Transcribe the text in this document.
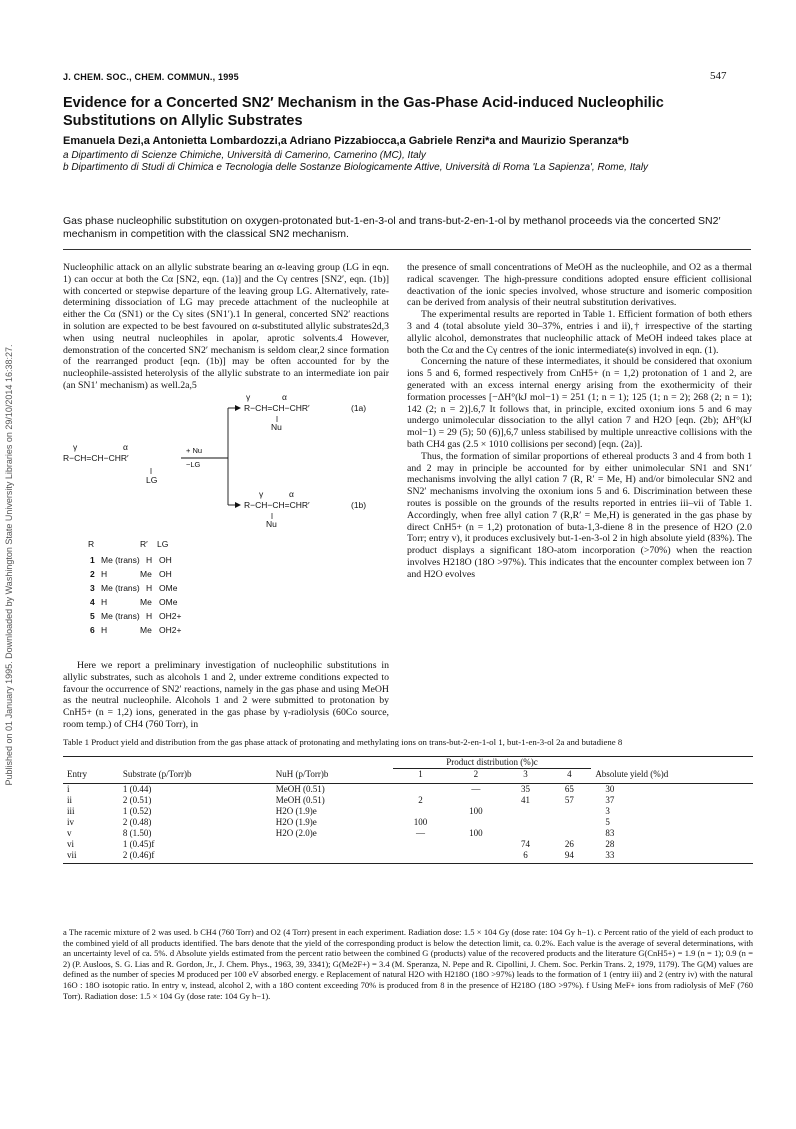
Published on 01 January 1995. Downloaded by Washington State University Libraries on 29/10/2014 16:38:27.
J. CHEM. SOC., CHEM. COMMUN., 1995	547
Evidence for a Concerted SN2′ Mechanism in the Gas-Phase Acid-induced Nucleophilic Substitutions on Allylic Substrates
Emanuela Dezi,a Antonietta Lombardozzi,a Adriano Pizzabiocca,a Gabriele Renzi*a and Maurizio Speranza*b
a Dipartimento di Scienze Chimiche, Università di Camerino, Camerino (MC), Italy
b Dipartimento di Studi di Chimica e Tecnologia delle Sostanze Biologicamente Attive, Università di Roma 'La Sapienza', Rome, Italy
Gas phase nucleophilic substitution on oxygen-protonated but-1-en-3-ol and trans-but-2-en-1-ol by methanol proceeds via the concerted SN2′ mechanism in competition with the classical SN2 mechanism.

Nucleophilic attack on an allylic substrate bearing an α-leaving group (LG in eqn. 1) can occur at both the Cα [SN2, eqn. (1a)] and the Cγ centres [SN2′, eqn. (1b)] with concerted or stepwise departure of the leaving group LG. Alternatively, rate-determining dissociation of LG may precede attachment of the nucleophile at either the Cα (SN1) or the Cγ sites (SN1′).1 In general, concerted SN2′ reactions in solution are expected to be best favoured on α-substituted allylic substrates2d,3 when using neutral nucleophiles in apolar, aprotic solvents.4 However, demonstration of the concerted SN2′ mechanism is seldom clear,2 since formation of the rearranged product [eqn. (1b)] may be often accounted for by the nucleophile-assisted heterolysis of the allylic substrate to an intermediate ion pair (an SN1′ mechanism) as well.2a,5

γ	α
R−CH=CH−CHR′
Nu
(1a)
γ	α
R−CH=CH−CHR′
LG
+ Nu
−LG
γ	α
R−CH−CH=CHR′
Nu
(1b)
R	R′ LG
1 Me (trans) H OH
2 H	Me OH
3 Me (trans) H OMe
4 H	Me OMe
5 Me (trans) H OH2+
6 H	Me OH2+

Here we report a preliminary investigation of nucleophilic substitutions in allylic substrates, such as alcohols 1 and 2, under extreme conditions expected to favour the occurrence of SN2′ reactions, namely in the gas phase and using MeOH as the neutral nucleophile. Alcohols 1 and 2 were submitted to protonation by CnH5+ (n = 1,2) ions, generated in the gas phase by γ-radiolysis (60Co source, room temp.) of CH4 (760 Torr), in

the presence of small concentrations of MeOH as the nucleophile, and O2 as a thermal radical scavenger. The high-pressure conditions adopted ensure efficient collisional deactivation of the ionic species involved, whose structure and isomeric composition can be derived from analysis of their neutral substitution derivatives.

The experimental results are reported in Table 1. Efficient formation of both ethers 3 and 4 (total absolute yield 30–37%, entries i and ii),† irrespective of the starting allylic alcohol, demonstrates that nucleophilic attack of MeOH indeed takes place at both the Cα and the Cγ centres of the ionic intermediate(s) involved in eqn. (1).

Concerning the nature of these intermediates, it should be considered that oxonium ions 5 and 6, formed respectively from CnH5+ (n = 1,2) protonation of 1 and 2, are generated with an excess internal energy arising from the exothermicity of their formation processes [−ΔH°(kJ mol−1) = 251 (1; n = 1); 125 (1; n = 2); 268 (2; n = 1); 142 (2; n = 2)].6,7 It follows that, in principle, excited oxonium ions 5 and 6 may undergo unimolecular dissociation to the allyl cation 7 and H2O [eqn. (2b); ΔH°(kJ mol−1) = 29 (5); 50 (6)],6,7 unless stabilised by multiple unreactive collisions with the bath CH4 gas (2.5 × 1010 collisions per second) [eqn. (2a)].

Thus, the formation of similar proportions of ethereal products 3 and 4 from both 1 and 2 may in principle be accounted for by either unimolecular SN1 and SN1′ mechanisms involving the allyl cation 7 (R, R′ = Me, H) and/or bimolecular SN2 and SN2′ mechanisms involving the oxonium ions 5 and 6. Discrimination between these routes is possible on the grounds of the results reported in entries iii–vii of Table 1. Accordingly, when free allyl cation 7 (R,R′ = Me,H) is generated in the gas phase by direct CnH5+ (n = 1,2) protonation of buta-1,3-diene 8 in the presence of H2O (2.0 Torr; entry v), it produces exclusively but-1-en-3-ol 2 in high absolute yield (83%). The product displays a significant 18O-atom incorporation (>70%) when the reaction involves H218O (18O >97%). This indicates that the encounter complex between ion 7 and H2O evolves

Table 1 Product yield and distribution from the gas phase attack of protonating and methylating ions on trans-but-2-en-1-ol 1, but-1-en-3-ol 2a and butadiene 8
			Product distribution (%)c				
Entry	Substrate (p/Torr)b	NuH (p/Torr)b	1	2	3	4	Absolute yield (%)d
i	1 (0.44)	MeOH (0.51)		—	35	65	30
ii	2 (0.51)	MeOH (0.51)	2		41	57	37
iii	1 (0.52)	H2O (1.9)e		100			3
iv	2 (0.48)	H2O (1.9)e	100				5
v	8 (1.50)	H2O (2.0)e	—	100			83
vi	1 (0.45)f				74	26	28
vii	2 (0.46)f				6	94	33
a The racemic mixture of 2 was used. b CH4 (760 Torr) and O2 (4 Torr) present in each experiment. Radiation dose: 1.5 × 104 Gy (dose rate: 104 Gy h−1). c Percent ratio of the yield of each product to the combined yield of all products identified. The bars denote that the yield of the corresponding product is below the detection limit, ca. 0.2%. Each value is the average of several determinations, with an uncertainty level of ca. 5%. d Absolute yields estimated from the percent ratio between the combined G (products) value of the recovered products and the literature G(CnH5+) = 1.9 (n = 1); 0.9 (n = 2) (P. Ausloos, S. G. Lias and R. Gordon, Jr., J. Chem. Phys., 1963, 39, 3341); G(Me2F+) = 3.4 (M. Speranza, N. Pepe and R. Cipollini, J. Chem. Soc. Perkin Trans. 2, 1979, 1179). The G(M) values are defined as the number of species M produced per 100 eV absorbed energy. e Replacement of natural H2O with H218O (18O >97%) leads to the formation of 1 (entry iii) and 2 (entry iv) with the natural 16O : 18O isotopic ratio. In entry v, instead, alcohol 2, with a 18O content exceeding 70% is produced from 8 in the presence of H218O (18O >97%). f Using MeF+ ions from radiolysis of MeF (760 Torr). Radiation dose: 1.5 × 104 Gy (dose rate: 104 Gy h−1).
